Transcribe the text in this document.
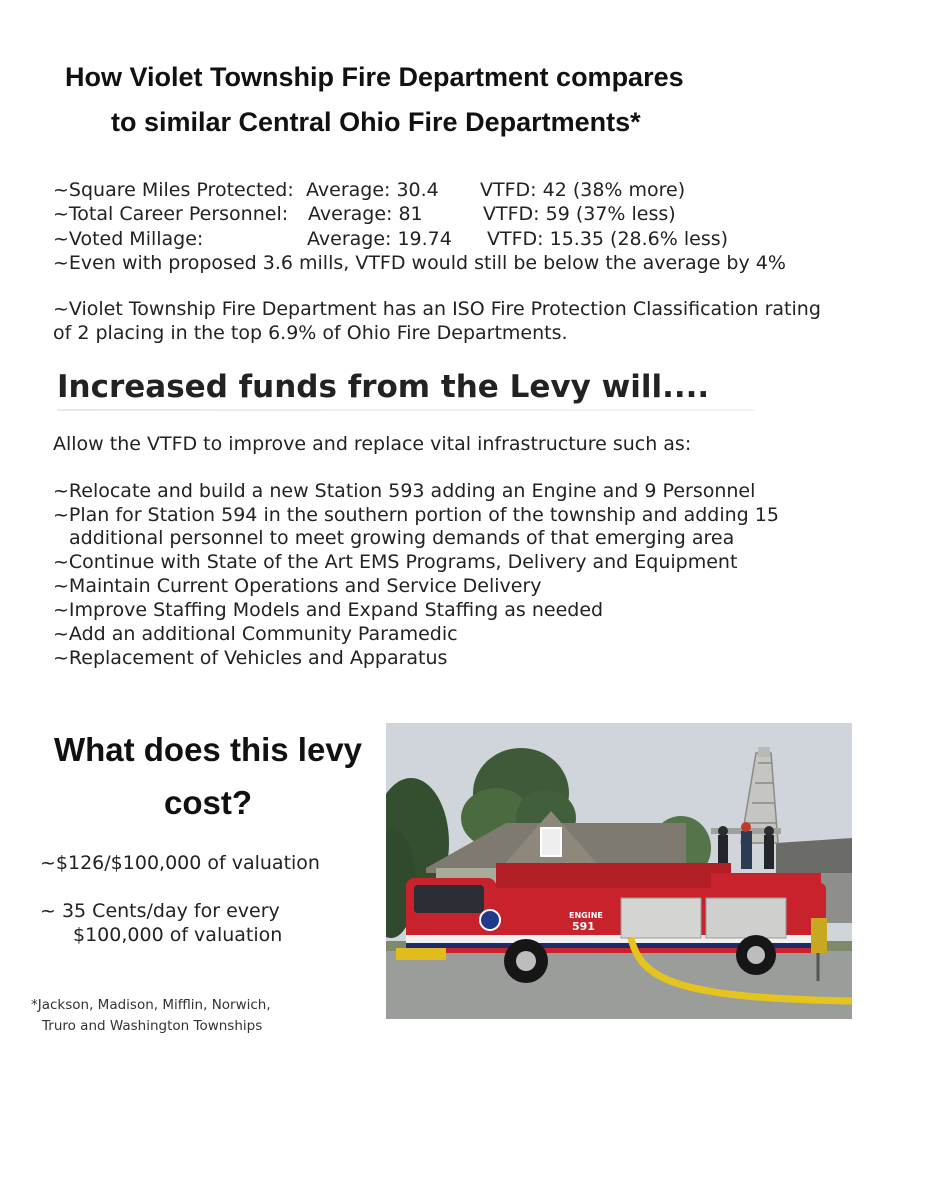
How Violet Township Fire Department compares
to similar Central Ohio Fire Departments*
~Square Miles Protected: Average: 30.4 VTFD: 42 (38% more)
~Total Career Personnel: Average: 81	VTFD: 59 (37% less)
~Voted Millage:	Average: 19.74 VTFD: 15.35 (28.6% less)
~Even with proposed 3.6 mills, VTFD would still be below the average by 4%
~Violet Township Fire Department has an ISO Fire Protection Classification rating
of 2 placing in the top 6.9% of Ohio Fire Departments.
Increased funds from the Levy will....
Allow the VTFD to improve and replace vital infrastructure such as:
~Relocate and build a new Station 593 adding an Engine and 9 Personnel
~Plan for Station 594 in the southern portion of the township and adding 15
additional personnel to meet growing demands of that emerging area
~Continue with State of the Art EMS Programs, Delivery and Equipment
~Maintain Current Operations and Service Delivery
~Improve Staffing Models and Expand Staffing as needed
~Add an additional Community Paramedic
~Replacement of Vehicles and Apparatus
What does this levy
cost?
~$126/$100,000 of valuation
~ 35 Cents/day for every
$100,000 of valuation
*Jackson, Madison, Mifflin, Norwich,
Truro and Washington Townships
ENGINE
591
